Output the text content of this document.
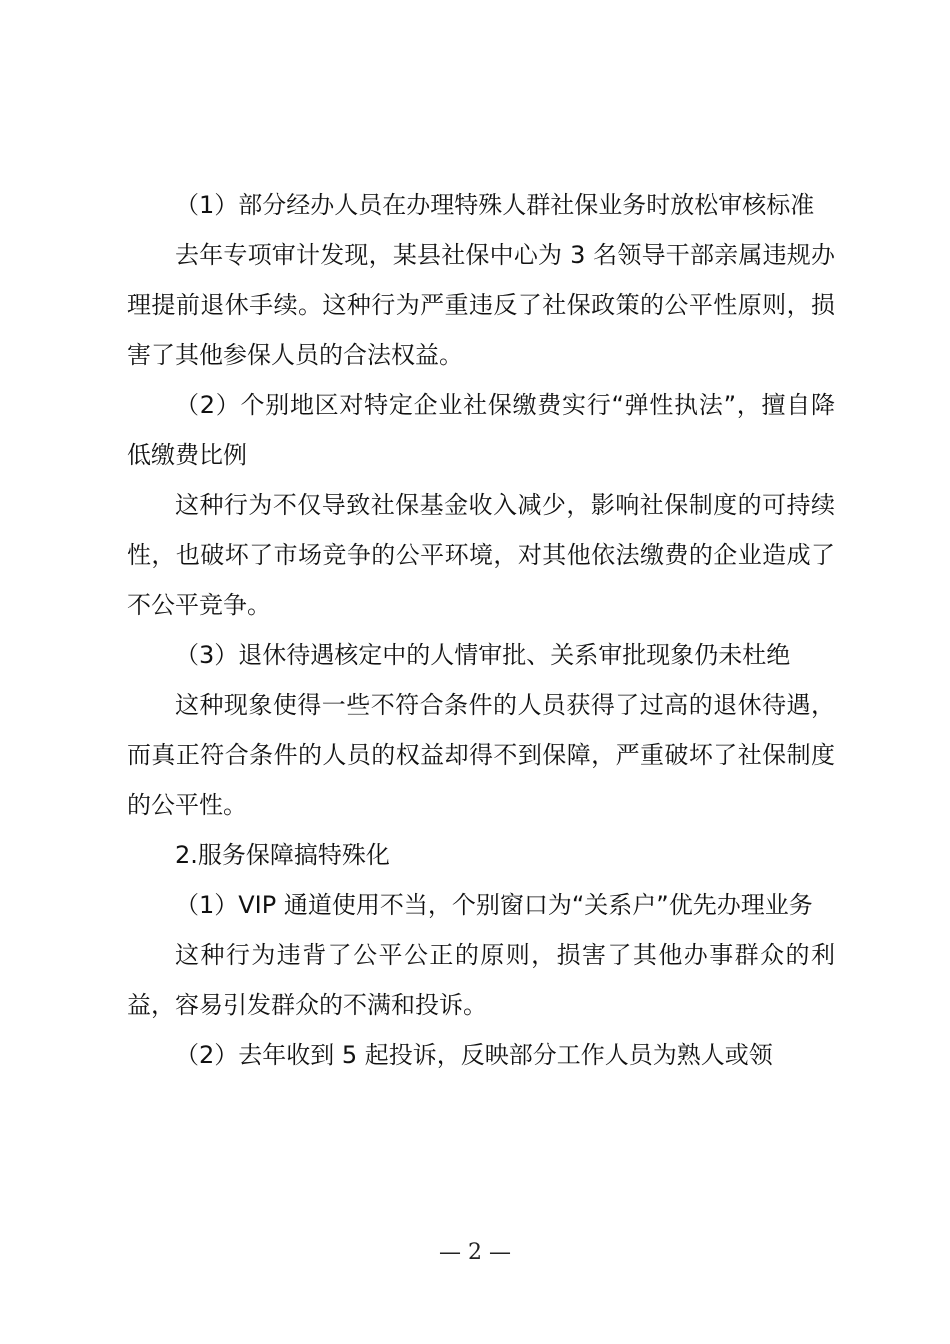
（1）部分经办人员在办理特殊人群社保业务时放松审核标准

去年专项审计发现，某县社保中心为 3 名领导干部亲属违规办理提前退休手续。这种行为严重违反了社保政策的公平性原则，损害了其他参保人员的合法权益。

（2）个别地区对特定企业社保缴费实行“弹性执法”，擅自降低缴费比例

这种行为不仅导致社保基金收入减少，影响社保制度的可持续性，也破坏了市场竞争的公平环境，对其他依法缴费的企业造成了不公平竞争。

（3）退休待遇核定中的人情审批、关系审批现象仍未杜绝

这种现象使得一些不符合条件的人员获得了过高的退休待遇，而真正符合条件的人员的权益却得不到保障，严重破坏了社保制度的公平性。

2.服务保障搞特殊化

（1）VIP 通道使用不当，个别窗口为“关系户”优先办理业务

这种行为违背了公平公正的原则，损害了其他办事群众的利益，容易引发群众的不满和投诉。

（2）去年收到 5 起投诉，反映部分工作人员为熟人或领

— 2 —
